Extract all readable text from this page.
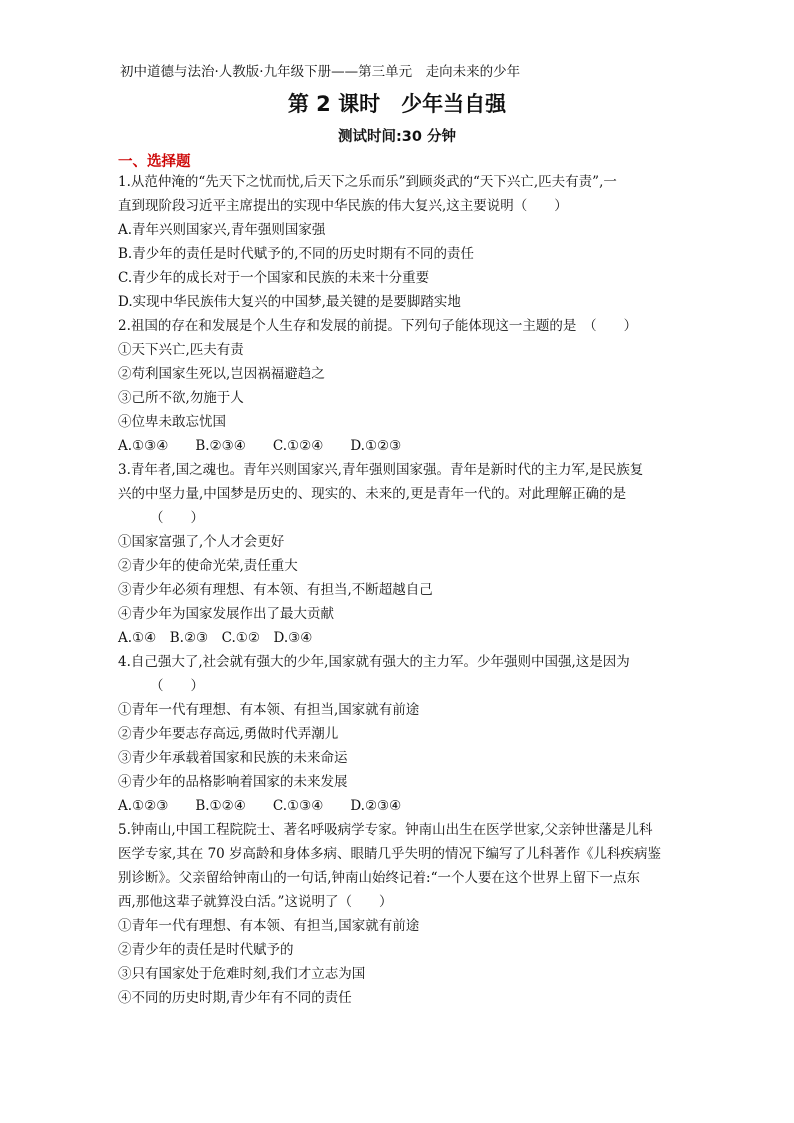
初中道德与法治·人教版·九年级下册——第三单元　走向未来的少年
第 2 课时　少年当自强
测试时间:30 分钟
一、选择题
1.从范仲淹的“先天下之忧而忧,后天下之乐而乐”到顾炎武的“天下兴亡,匹夫有责”,一
直到现阶段习近平主席提出的实现中华民族的伟大复兴,这主要说明（　　）
A.青年兴则国家兴,青年强则国家强
B.青少年的责任是时代赋予的,不同的历史时期有不同的责任
C.青少年的成长对于一个国家和民族的未来十分重要
D.实现中华民族伟大复兴的中国梦,最关键的是要脚踏实地
2.祖国的存在和发展是个人生存和发展的前提。下列句子能体现这一主题的是　（　　）
①天下兴亡,匹夫有责
②苟利国家生死以,岂因祸福避趋之
③己所不欲,勿施于人
④位卑未敢忘忧国
A.①③④　　B.②③④　　C.①②④　　D.①②③
3.青年者,国之魂也。青年兴则国家兴,青年强则国家强。青年是新时代的主力军,是民族复
兴的中坚力量,中国梦是历史的、现实的、未来的,更是青年一代的。对此理解正确的是
（　　）
①国家富强了,个人才会更好
②青少年的使命光荣,责任重大
③青少年必须有理想、有本领、有担当,不断超越自己
④青少年为国家发展作出了最大贡献
A.①④　B.②③　C.①②　D.③④
4.自己强大了,社会就有强大的少年,国家就有强大的主力军。少年强则中国强,这是因为
（　　）
①青年一代有理想、有本领、有担当,国家就有前途
②青少年要志存高远,勇做时代弄潮儿
③青少年承载着国家和民族的未来命运
④青少年的品格影响着国家的未来发展
A.①②③　　B.①②④　　C.①③④　　D.②③④
5.钟南山,中国工程院院士、著名呼吸病学专家。钟南山出生在医学世家,父亲钟世藩是儿科
医学专家,其在 70 岁高龄和身体多病、眼睛几乎失明的情况下编写了儿科著作《儿科疾病鉴
别诊断》。父亲留给钟南山的一句话,钟南山始终记着:“一个人要在这个世界上留下一点东
西,那他这辈子就算没白活。”这说明了（　　）
①青年一代有理想、有本领、有担当,国家就有前途
②青少年的责任是时代赋予的
③只有国家处于危难时刻,我们才立志为国
④不同的历史时期,青少年有不同的责任
